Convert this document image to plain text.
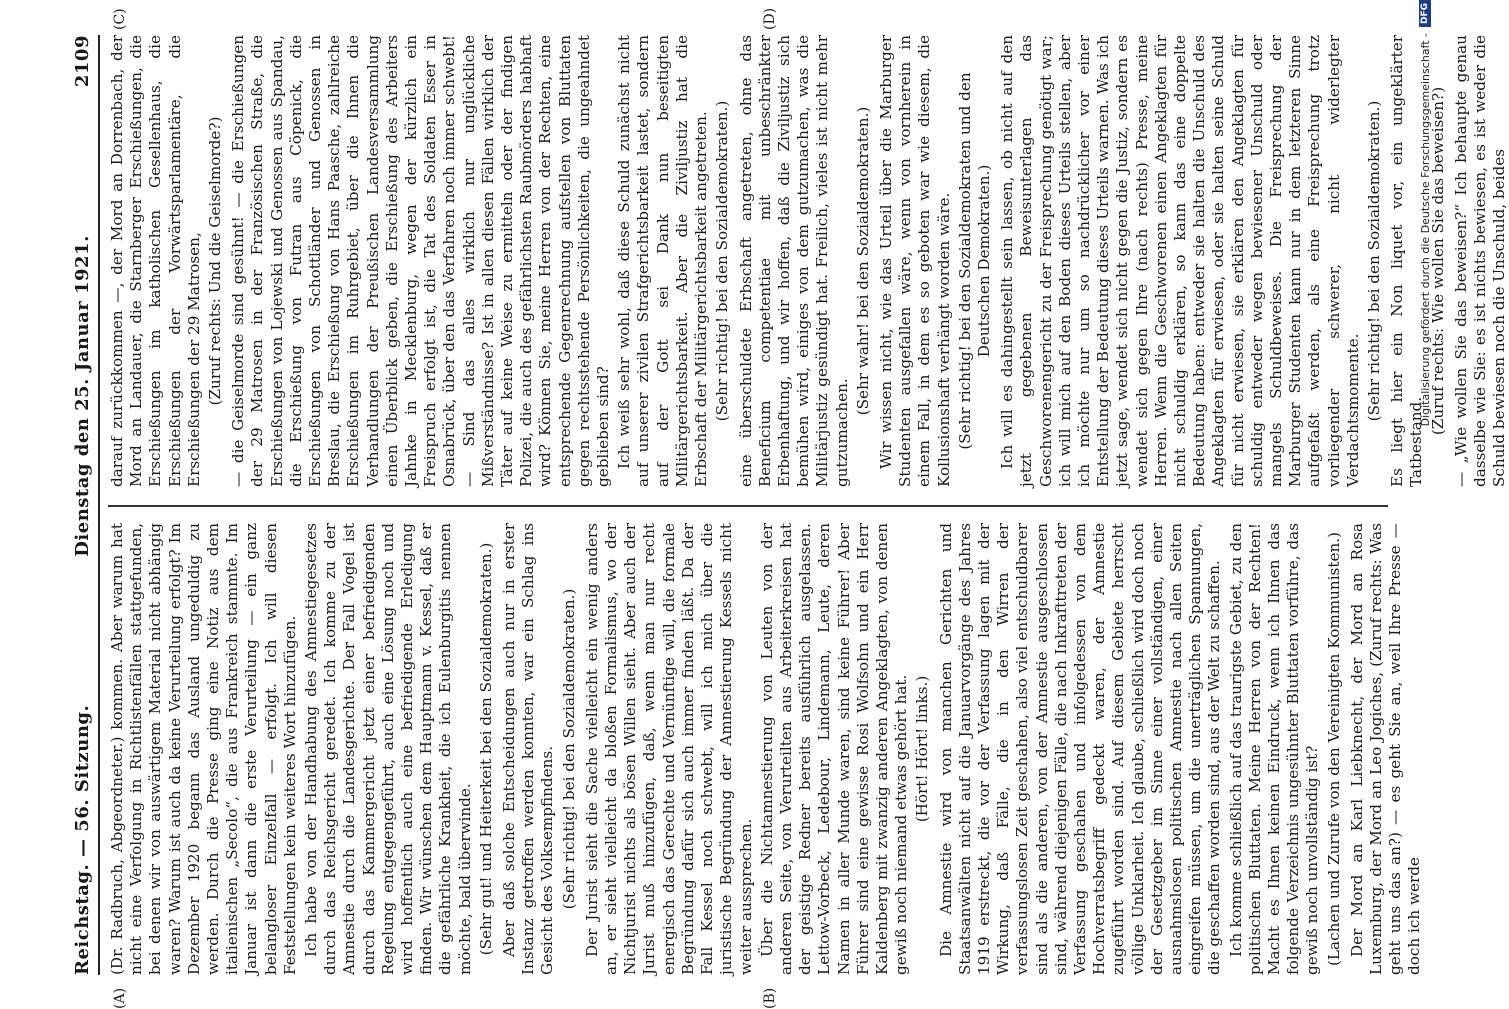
Reichstag. — 56. Sitzung.
Dienstag den 25. Januar 1921.
2109
(A)	(B)
(C)	(D)

(Dr. Radbruch, Abgeordneter.) kommen. Aber warum hat nicht eine Verfolgung in Richtlistenfällen stattgefunden, bei denen wir von auswärtigem Material nicht abhängig waren? Warum ist auch da keine Verurteilung erfolgt? Im Dezember 1920 begann das Ausland ungeduldig zu werden. Durch die Presse ging eine Notiz aus dem italienischen „Secolo“, die aus Frankreich stammte. Im Januar ist dann die erste Verurteilung — ein ganz belangloser Einzelfall — erfolgt. Ich will diesen Feststellungen kein weiteres Wort hinzufügen. Ich habe von der Handhabung des Amnestiegesetzes durch das Reichsgericht geredet. Ich komme zu der Amnestie durch die Landesgerichte. Der Fall Vogel ist durch das Kammergericht jetzt einer befriedigenden Regelung entgegengeführt, auch eine Lösung noch und wird hoffentlich auch eine befriedigende Erledigung finden. Wir wünschen dem Hauptmann v. Kessel, daß er die gefährliche Krankheit, die ich Eulenburgitis nennen möchte, bald überwinde. (Sehr gut! und Heiterkeit bei den Sozialdemokraten.) Aber daß solche Entscheidungen auch nur in erster Instanz getroffen werden konnten, war ein Schlag ins Gesicht des Volksempfindens. (Sehr richtig! bei den Sozialdemokraten.) Der Jurist sieht die Sache vielleicht ein wenig anders an, er sieht vielleicht da bloßen Formalismus, wo der Nichtjurist nichts als bösen Willen sieht. Aber auch der Jurist muß hinzufügen, daß, wenn man nur recht energisch das Gerechte und Vernünftige will, die formale Begründung dafür sich auch immer finden läßt. Da der Fall Kessel noch schwebt, will ich mich über die juristische Begründung der Amnestierung Kessels nicht weiter aussprechen. Über die Nichtamnestierung von Leuten von der anderen Seite, von Verurteilten aus Arbeiterkreisen hat der geistige Redner bereits ausführlich ausgelassen. Lettow-Vorbeck, Ledebour, Lindemann, Leute, deren Namen in aller Munde waren, sind keine Führer! Aber Führer sind eine gewisse Rosi Wolfsohn und ein Herr Kaldenberg mit zwanzig anderen Angeklagten, von denen gewiß noch niemand etwas gehört hat. (Hört! Hört! links.) Die Amnestie wird von manchen Gerichten und Staatsanwälten nicht auf die Januarvorgänge des Jahres 1919 erstreckt, die vor der Verfassung lagen mit der Wirkung, daß Fälle, die in den Wirren der verfassungslosen Zeit geschahen, also viel entschuldbarer sind als die anderen, von der Amnestie ausgeschlossen sind, während diejenigen Fälle, die nach Inkrafttreten der Verfassung geschahen und infolgedessen von dem Hochverratsbegriff gedeckt waren, der Amnestie zugeführt worden sind. Auf diesem Gebiete herrscht völlige Unklarheit. Ich glaube, schließlich wird doch noch der Gesetzgeber im Sinne einer vollständigen, einer ausnahmslosen politischen Amnestie nach allen Seiten eingreifen müssen, um die unerträglichen Spannungen, die geschaffen worden sind, aus der Welt zu schaffen. Ich komme schließlich auf das traurigste Gebiet, zu den politischen Bluttaten. Meine Herren von der Rechten! Macht es Ihnen keinen Eindruck, wenn ich Ihnen das folgende Verzeichnis ungesühnter Bluttaten vorführe, das gewiß noch unvollständig ist? (Lachen und Zurufe von den Vereinigten Kommunisten.) Der Mord an Karl Liebknecht, der Mord an Rosa Luxemburg, der Mord an Leo Jogiches, (Zuruf rechts: Was geht uns das an?) — es geht Sie an, weil Ihre Presse — doch ich werde

darauf zurückkommen —, der Mord an Dorrenbach, der Mord an Landauer, die Starnberger Erschießungen, die Erschießungen im katholischen Gesellenhaus, die Erschießungen der Vorwärtsparlamentäre, die Erschießungen der 29 Matrosen, (Zuruf rechts: Und die Geiselmorde?) — die Geiselmorde sind gesühnt! — die Erschießungen der 29 Matrosen in der Französischen Straße, die Erschießungen von Lojewski und Genossen aus Spandau, die Erschießung von Futran aus Cöpenick, die Erschießungen von Schottländer und Genossen in Breslau, die Erschießung von Hans Paasche, zahlreiche Erschießungen im Ruhrgebiet, über die Ihnen die Verhandlungen der Preußischen Landesversammlung einen Überblick geben, die Erschießung des Arbeiters Jahnke in Mecklenburg, wegen der kürzlich ein Freispruch erfolgt ist, die Tat des Soldaten Esser in Osnabrück, über den das Verfahren noch immer schwebt! — Sind das alles wirklich nur unglückliche Mißverständnisse? Ist in allen diesen Fällen wirklich der Täter auf keine Weise zu ermitteln oder der findigen Polizei, die auch des gefährlichsten Raubmörders habhaft wird? Können Sie, meine Herren von der Rechten, eine entsprechende Gegenrechnung aufstellen von Bluttaten gegen rechtsstehende Persönlichkeiten, die ungeahndet geblieben sind? Ich weiß sehr wohl, daß diese Schuld zunächst nicht auf unserer zivilen Strafgerichtsbarkeit lastet, sondern auf der Gott sei Dank nun beseitigten Militärgerichtsbarkeit. Aber die Ziviljustiz hat die Erbschaft der Militärgerichtsbarkeit angetreten. (Sehr richtig! bei den Sozialdemokraten.) eine überschuldete Erbschaft angetreten, ohne das Beneficium competentiae mit unbeschränkter Erbenhaftung, und wir hoffen, daß die Ziviljustiz sich bemühen wird, einiges von dem gutzumachen, was die Militärjustiz gesündigt hat. Freilich, vieles ist nicht mehr gutzumachen.

(Sehr wahr! bei den Sozialdemokraten.) Wir wissen nicht, wie das Urteil über die Marburger Studenten ausgefallen wäre, wenn von vornherein in einem Fall, in dem es so geboten war wie diesem, die Kollusionshaft verhängt worden wäre. (Sehr richtig! bei den Sozialdemokraten und den Deutschen Demokraten.) Ich will es dahingestellt sein lassen, ob nicht auf den jetzt gegebenen Beweisunterlagen das Geschworenengericht zu der Freisprechung genötigt war; ich will mich auf den Boden dieses Urteils stellen, aber ich möchte nur um so nachdrücklicher vor einer Entstellung der Bedeutung dieses Urteils warnen. Was ich jetzt sage, wendet sich nicht gegen die Justiz, sondern es wendet sich gegen Ihre (nach rechts) Presse, meine Herren. Wenn die Geschworenen einen Angeklagten für nicht schuldig erklären, so kann das eine doppelte Bedeutung haben: entweder sie halten die Unschuld des Angeklagten für erwiesen, oder sie halten seine Schuld für nicht erwiesen, sie erklären den Angeklagten für schuldig entweder wegen bewiesener Unschuld oder mangels Schuldbeweises. Die Freisprechung der Marburger Studenten kann nur in dem letzteren Sinne aufgefaßt werden, als eine Freisprechung trotz vorliegender schwerer, nicht widerlegter Verdachtsmomente. (Sehr richtig! bei den Sozialdemokraten.) Es liegt hier ein Non liquet vor, ein ungeklärter Tatbestand.

(Zuruf rechts: Wie wollen Sie das beweisen?) — „Wie wollen Sie das beweisen?“ Ich behaupte genau dasselbe wie Sie: es ist nichts bewiesen, es ist weder die Schuld bewiesen noch die Unschuld, beides

Digitalisierung gefördert durch die Deutsche Forschungsgemeinschaft -
DFG
